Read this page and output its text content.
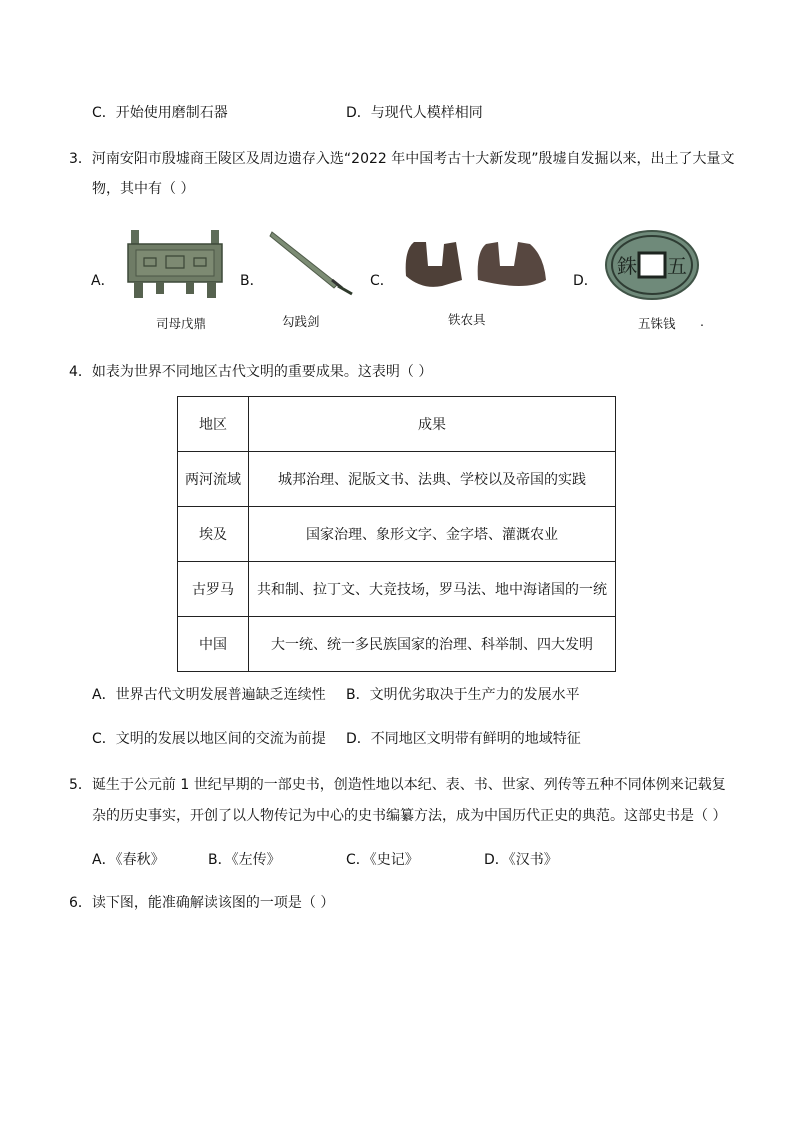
C．开始使用磨制石器	D．与现代人模样相同
3．河南安阳市殷墟商王陵区及周边遗存入选“2022 年中国考古十大新发现”殷墟自发掘以来，出土了大量文
物，其中有（ ）
A．
司母戊鼎
B．
勾践剑
C．
铁农具
D．
銖 五
五铢钱 .
4．如表为世界不同地区古代文明的重要成果。这表明（ ）
地区	成果
两河流域	城邦治理、泥版文书、法典、学校以及帝国的实践
埃及	国家治理、象形文字、金字塔、灌溉农业
古罗马	共和制、拉丁文、大竞技场，罗马法、地中海诸国的一统
中国	大一统、统一多民族国家的治理、科举制、四大发明
A．世界古代文明发展普遍缺乏连续性 B．文明优劣取决于生产力的发展水平
C．文明的发展以地区间的交流为前提 D．不同地区文明带有鲜明的地域特征
5．诞生于公元前 1 世纪早期的一部史书，创造性地以本纪、表、书、世家、列传等五种不同体例来记载复
杂的历史事实，开创了以人物传记为中心的史书编纂方法，成为中国历代正史的典范。这部史书是（ ）
A．《春秋》	B．《左传》	C．《史记》	D．《汉书》
6．读下图，能准确解读该图的一项是（ ）
